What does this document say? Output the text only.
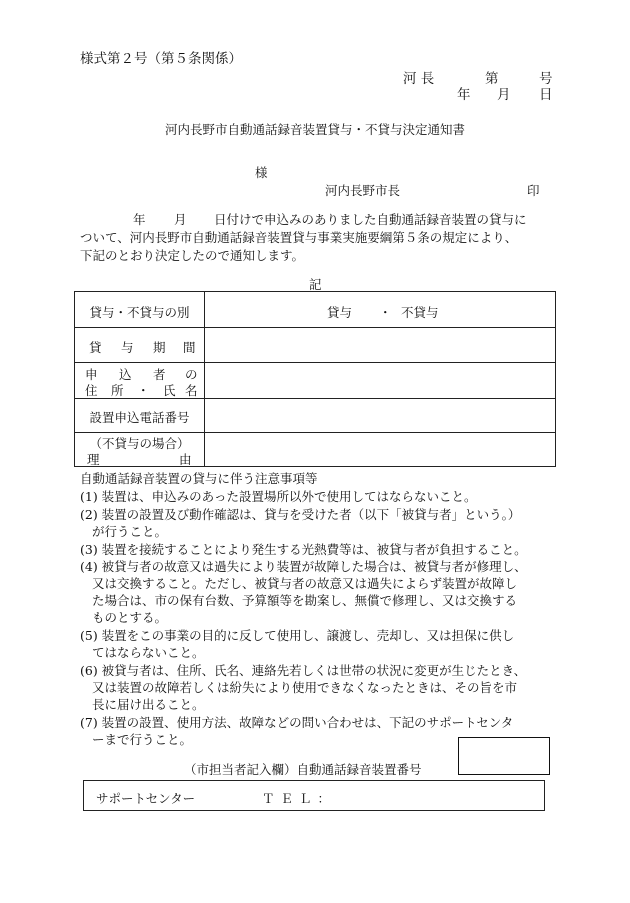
様式第２号（第５条関係）
河 長	第	号
年 月 日
河内長野市自動通話録音装置貸与・不貸与決定通知書
様
河内長野市長	印
年 月 日付けで申込みのありました自動通話録音装置の貸与に
ついて、河内長野市自動通話録音装置貸与事業実施要綱第５条の規定により、
下記のとおり決定したので通知します。
記
貸与・不貸与の別	貸与 ・ 不貸与
貸 与 期 間
申 込 者 の
住 所 ・ 氏 名
設置申込電話番号
（不貸与の場合）
理	由
自動通話録音装置の貸与に伴う注意事項等
(1) 装置は、申込みのあった設置場所以外で使用してはならないこと。
(2) 装置の設置及び動作確認は、貸与を受けた者（以下「被貸与者」という。）
が行うこと。
(3) 装置を接続することにより発生する光熱費等は、被貸与者が負担すること。
(4) 被貸与者の故意又は過失により装置が故障した場合は、被貸与者が修理し、
又は交換すること。ただし、被貸与者の故意又は過失によらず装置が故障し
た場合は、市の保有台数、予算額等を勘案し、無償で修理し、又は交換する
ものとする。
(5) 装置をこの事業の目的に反して使用し、譲渡し、売却し、又は担保に供し
てはならないこと。
(6) 被貸与者は、住所、氏名、連絡先若しくは世帯の状況に変更が生じたとき、
又は装置の故障若しくは紛失により使用できなくなったときは、その旨を市
長に届け出ること。
(7) 装置の設置、使用方法、故障などの問い合わせは、下記のサポートセンタ
ーまで行うこと。
（市担当者記入欄）自動通話録音装置番号
サポートセンター	ＴＥＬ：
